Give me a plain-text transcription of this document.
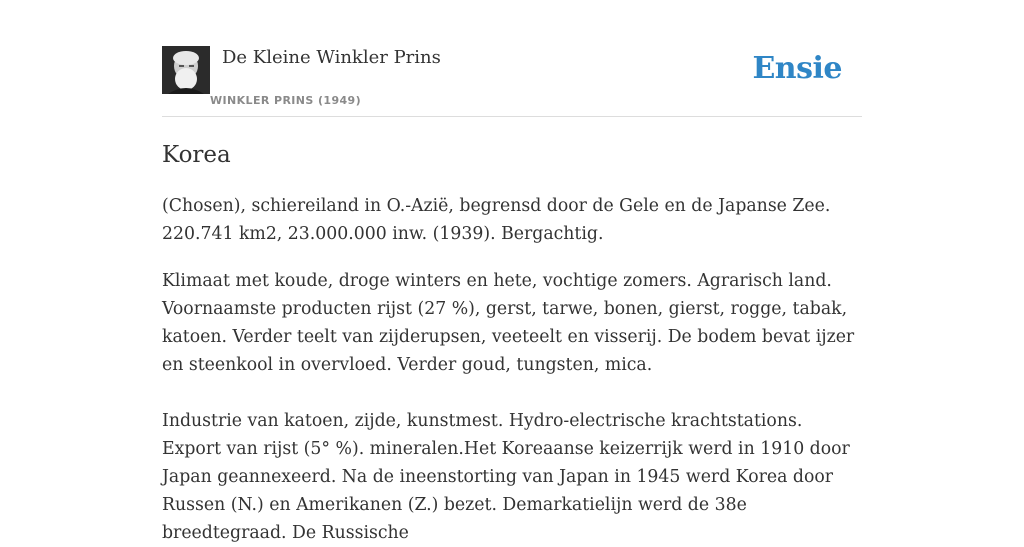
De Kleine Winkler Prins
WINKLER PRINS (1949)
Ensie
Korea

(Chosen), schiereiland in O.-Azië, begrensd door de Gele en de Japanse Zee. 220.741 km2, 23.000.000 inw. (1939). Bergachtig.

Klimaat met koude, droge winters en hete, vochtige zomers. Agrarisch land. Voornaamste producten rijst (27 %), gerst, tarwe, bonen, gierst, rogge, tabak, katoen. Verder teelt van zijderupsen, veeteelt en visserij. De bodem bevat ijzer en steenkool in overvloed. Verder goud, tungsten, mica.

Industrie van katoen, zijde, kunstmest. Hydro-electrische krachtstations. Export van rijst (5° %). mineralen.Het Koreaanse keizerrijk werd in 1910 door Japan geannexeerd. Na de ineenstorting van Japan in 1945 werd Korea door Russen (N.) en Amerikanen (Z.) bezet. Demarkatielijn werd de 38e breedtegraad. De Russische
